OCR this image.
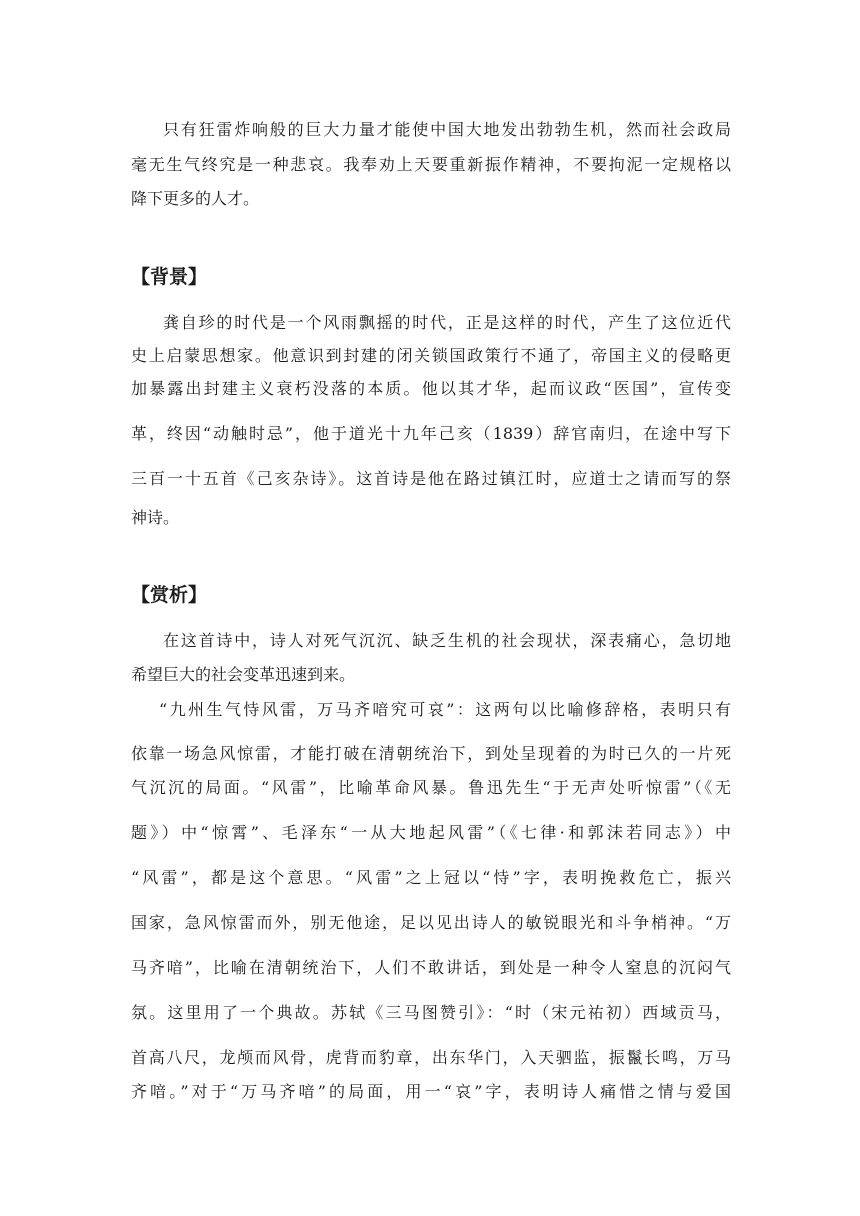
只有狂雷炸响般的巨大力量才能使中国大地发出勃勃生机，然而社会政局
毫无生气终究是一种悲哀。我奉劝上天要重新振作精神，不要拘泥一定规格以
降下更多的人才。
【背景】
龚自珍的时代是一个风雨飘摇的时代，正是这样的时代，产生了这位近代
史上启蒙思想家。他意识到封建的闭关锁国政策行不通了，帝国主义的侵略更
加暴露出封建主义衰朽没落的本质。他以其才华，起而议政“医国”，宣传变
革，终因“动触时忌”，他于道光十九年己亥（1839）辞官南归，在途中写下
三百一十五首《己亥杂诗》。这首诗是他在路过镇江时，应道士之请而写的祭
神诗。
【赏析】
在这首诗中，诗人对死气沉沉、缺乏生机的社会现状，深表痛心，急切地
希望巨大的社会变革迅速到来。
“九州生气恃风雷，万马齐喑究可哀”：这两句以比喻修辞格，表明只有
依靠一场急风惊雷，才能打破在清朝统治下，到处呈现着的为时已久的一片死
气沉沉的局面。“风雷”，比喻革命风暴。鲁迅先生“于无声处听惊雷”（《无
题》）中“惊霄”、毛泽东“一从大地起风雷”（《七律·和郭沫若同志》）中
“风雷”，都是这个意思。“风雷”之上冠以“恃”字，表明挽救危亡，振兴
国家，急风惊雷而外，别无他途，足以见出诗人的敏锐眼光和斗争梢神。“万
马齐喑”，比喻在清朝统治下，人们不敢讲话，到处是一种令人窒息的沉闷气
氛。这里用了一个典故。苏轼《三马图赞引》：“时（宋元祐初）西域贡马，
首高八尺，龙颅而风骨，虎背而豹章，出东华门，入天驷监，振鬣长鸣，万马
齐喑。”对于“万马齐喑”的局面，用一“哀”字，表明诗人痛惜之情与爱国
